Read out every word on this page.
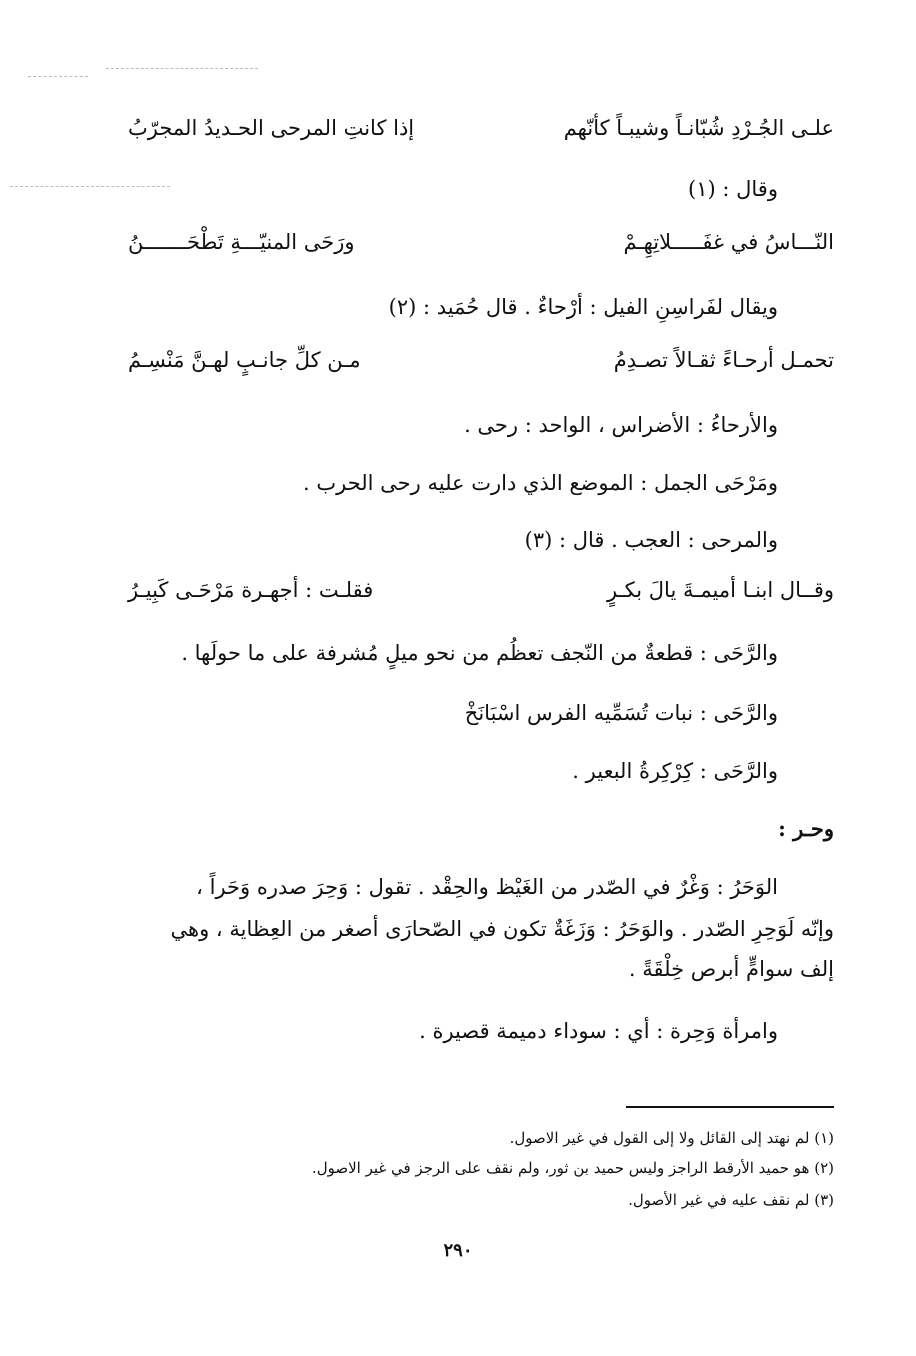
علـى الجُـرْدِ شُبّانـاً وشيبـاً كأنّهم
إذا كانتِ المرحى الحـديدُ المجرّبُ
وقال : (١)
النّـــاسُ في غفَـــــلاتِهِـمْ
ورَحَى المنيّـــةِ تَطْحَـــــــنُ
ويقال لفَراسِنِ الفيل : أرْحاءٌ . قال حُمَيد : (٢)
تحمـل أرحـاءً ثقـالاً تصـدِمُ
مـن كلِّ جانـبٍ لهـنَّ مَنْسِـمُ
والأرحاءُ : الأضراس ، الواحد : رحى .
ومَرْحَى الجمل : الموضع الذي دارت عليه رحى الحرب .
والمرحى : العجب . قال : (٣)
وقــال ابنـا أميمـةَ يالَ بكـرٍ
فقلـت : أجهـرة مَرْحَـى كَبِيـرُ
والرَّحَى : قطعةٌ من النّجف تعظُم من نحو ميلٍ مُشرفة على ما حولَها .
والرَّحَى : نبات تُسَمِّيه الفرس اسْبَانَخْ
والرَّحَى : كِرْكِرةُ البعير .
وحـر :
الوَحَرُ : وَغْرٌ في الصّدر من الغَيْظ والحِقْد . تقول : وَحِرَ صدره وَحَراً ،
وإنّه لَوَحِرِ الصّدر . والوَحَرُ : وَزَغَةٌ تكون في الصّحارَى أصغر من العِظاية ، وهي
إلف سوامٍّ أبرص خِلْقَةً .
وامرأة وَحِرة : أي : سوداء دميمة قصيرة .
(١) لم نهتد إلى القائل ولا إلى القول في غير الاصول.
(٢) هو حميد الأرقط الراجز وليس حميد بن ثور، ولم نقف على الرجز في غير الاصول.
(٣) لم نقف عليه في غير الأصول.
٢٩٠
